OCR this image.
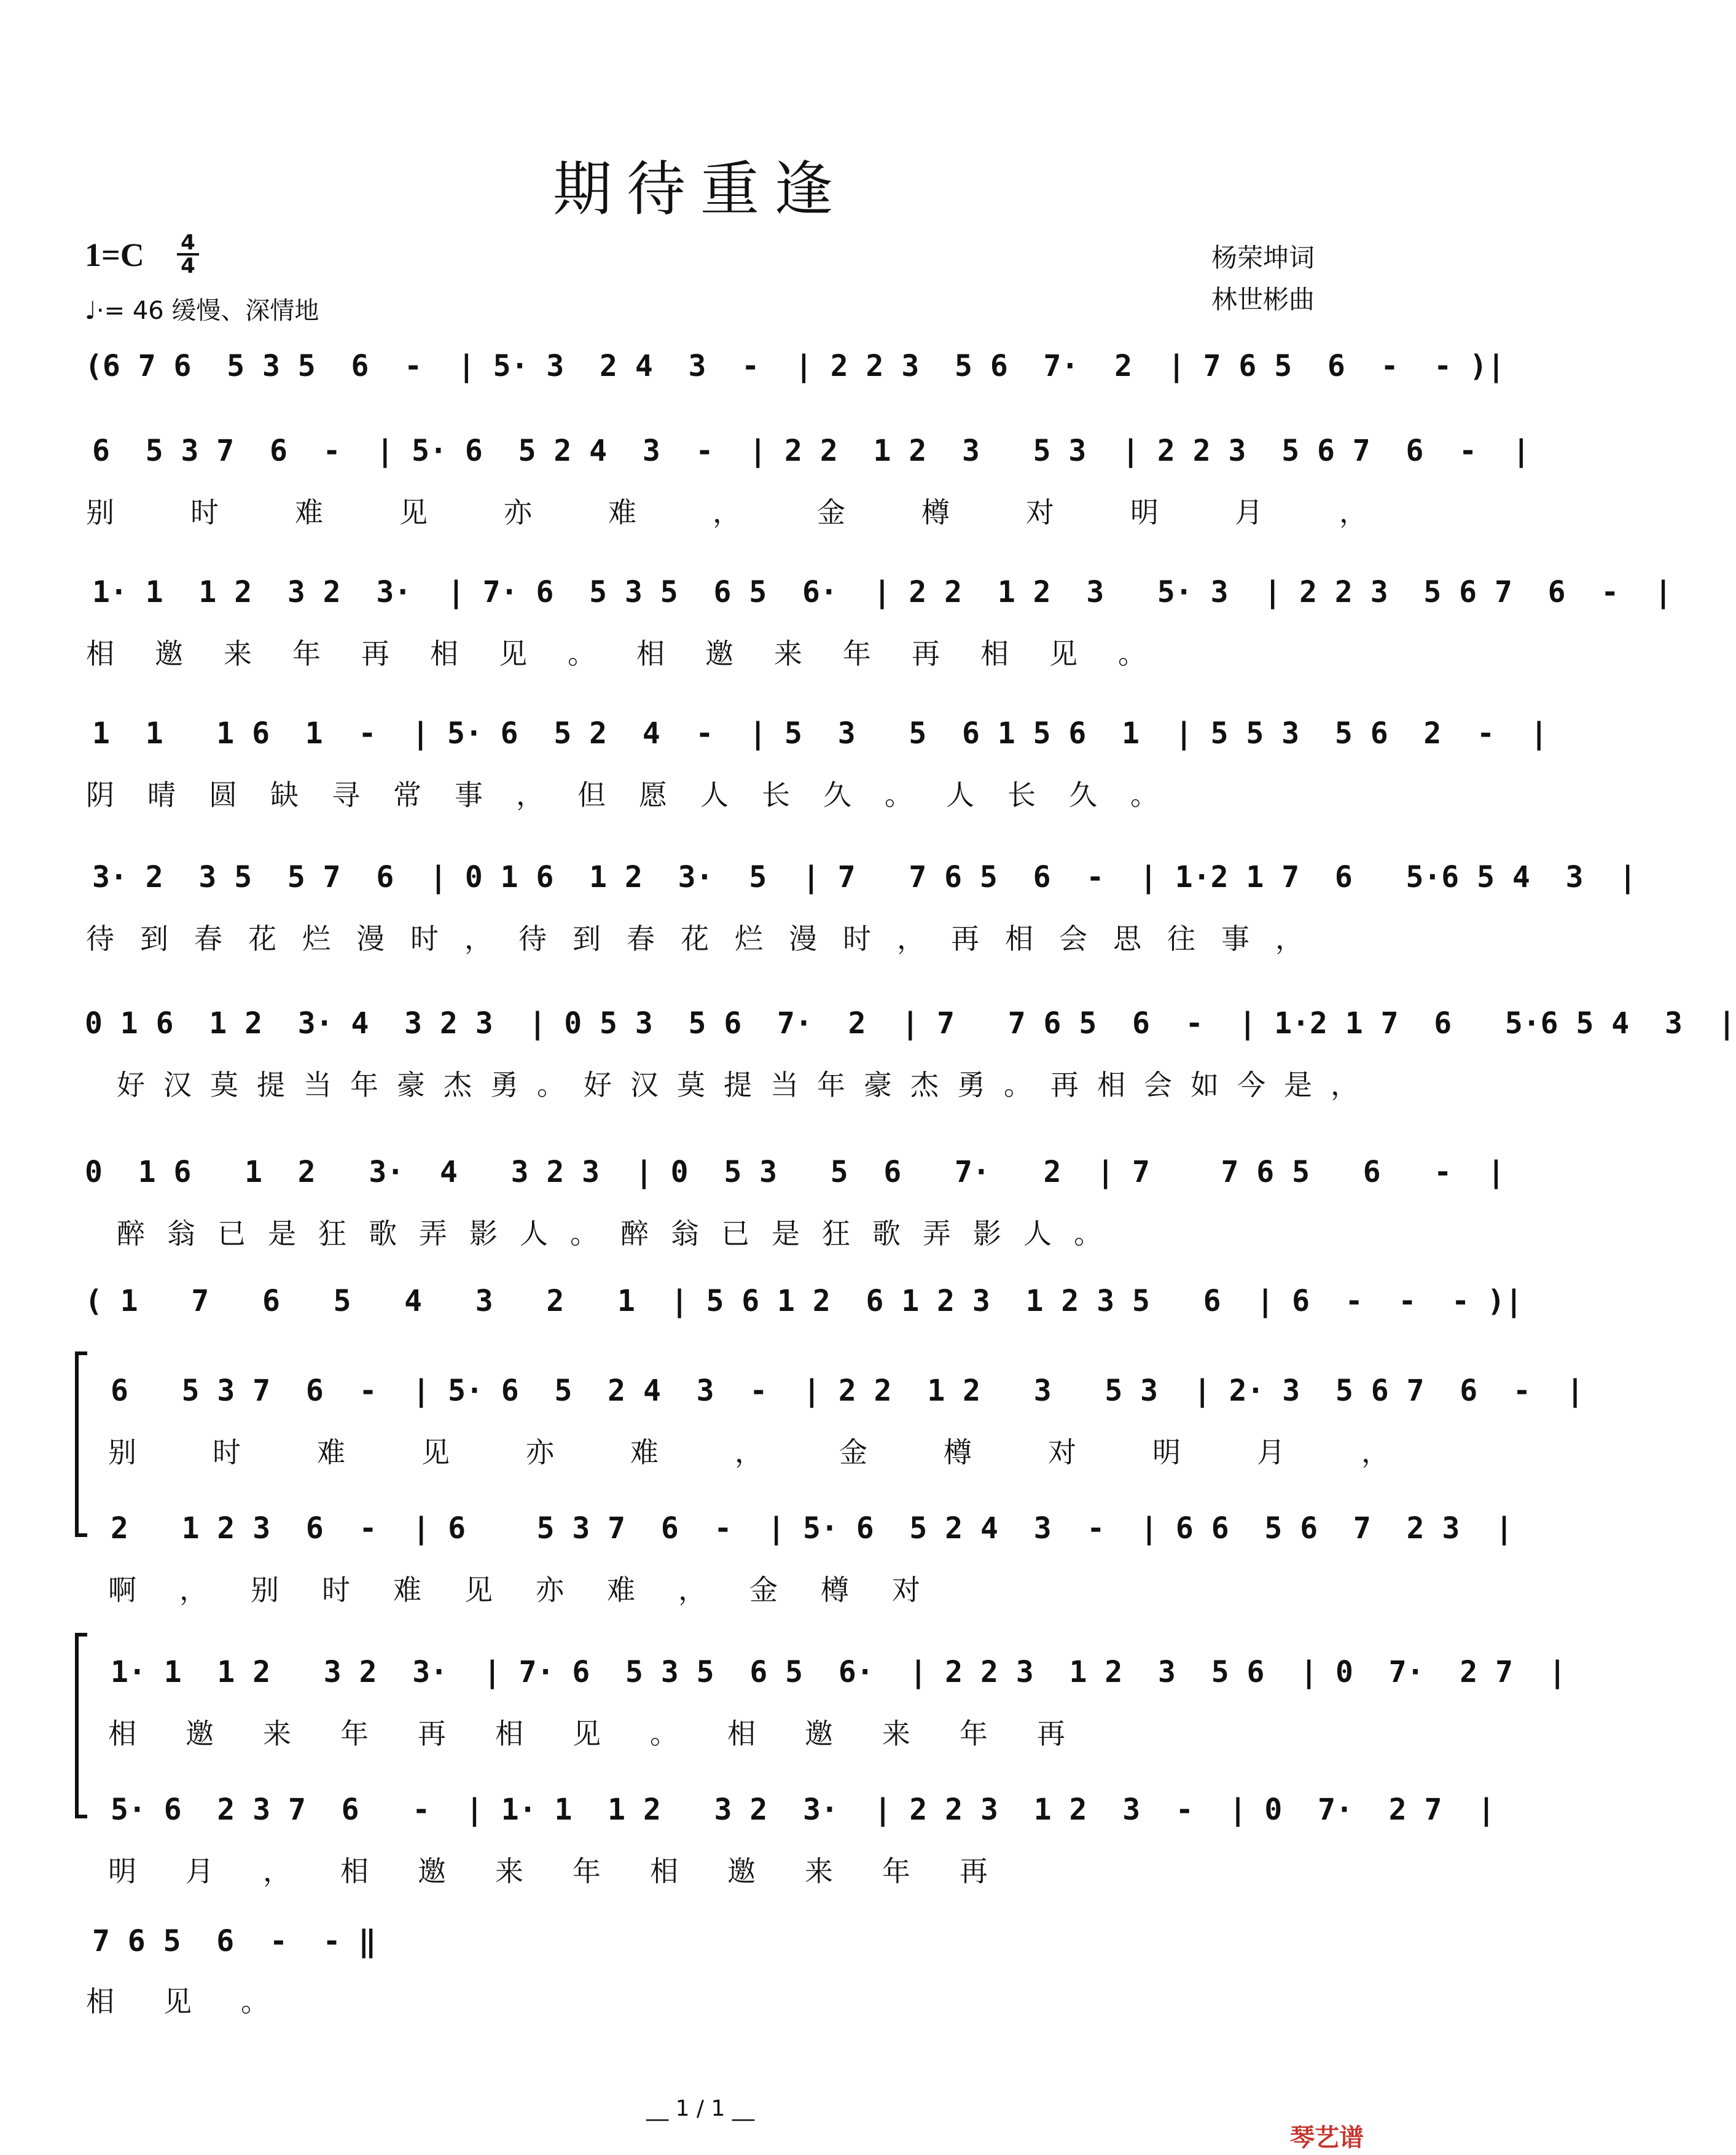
期待重逢
$1=C \frac{4}{4}$
♩·= 46 缓慢、深情地
杨荣坤词
林世彬曲
(6 7 6  5 3 5  6  -  | 5· 3  2 4  3  -  | 2 2 3  5 6  7·  2  | 7 6 5  6  -  - )|
6  5 3 7  6  -  | 5· 6  5 2 4  3  -  | 2 2  1 2  3   5 3  | 2 2 3  5 6 7  6  -  |
别时难见亦难，金樽对明月，
1· 1  1 2  3 2  3·  | 7· 6  5 3 5  6 5  6·  | 2 2  1 2  3   5· 3  | 2 2 3  5 6 7  6  -  |
相邀来年再相见。相邀来年再相见。
1  1   1 6  1  -  | 5· 6  5 2  4  -  | 5  3   5  6 1 5 6  1  | 5 5 3  5 6  2  -  |
阴晴圆缺寻常事，但愿人长久。人长久。
3· 2  3 5  5 7  6  | 0 1 6  1 2  3·  5  | 7   7 6 5  6  -  | 1·2 1 7  6   5·6 5 4  3  |
待到春花烂漫时，待到春花烂漫时，再相会思往事，
0 1 6  1 2  3· 4  3 2 3  | 0 5 3  5 6  7·  2  | 7   7 6 5  6  -  | 1·2 1 7  6   5·6 5 4  3  |
好汉莫提当年豪杰勇。好汉莫提当年豪杰勇。再相会如今是，
0  1 6   1  2   3·  4   3 2 3  | 0  5 3   5  6   7·   2  | 7    7 6 5   6   -  |
醉翁已是狂歌弄影人。醉翁已是狂歌弄影人。
( 1   7   6   5   4   3   2   1  | 5 6 1 2  6 1 2 3  1 2 3 5   6  | 6  -  -  - )|
6   5 3 7  6  -  | 5· 6  5  2 4  3  -  | 2 2  1 2   3   5 3  | 2· 3  5 6 7  6  -  |
别时难见亦难，金樽对明月，
2   1 2 3  6  -  | 6    5 3 7  6  -  | 5· 6  5 2 4  3  -  | 6 6  5 6  7  2 3  |
啊，别时难见亦难，金樽对
1· 1  1 2   3 2  3·  | 7· 6  5 3 5  6 5  6·  | 2 2 3  1 2  3  5 6  | 0  7·  2 7  |
相邀来年再相见。相邀来年再
5· 6  2 3 7  6   -  | 1· 1  1 2   3 2  3·  | 2 2 3  1 2  3  -  | 0  7·  2 7  |
明月，相邀来年相邀来年再
7 6 5  6  -  - ‖
相见。
__ 1 / 1 __
琴艺谱
